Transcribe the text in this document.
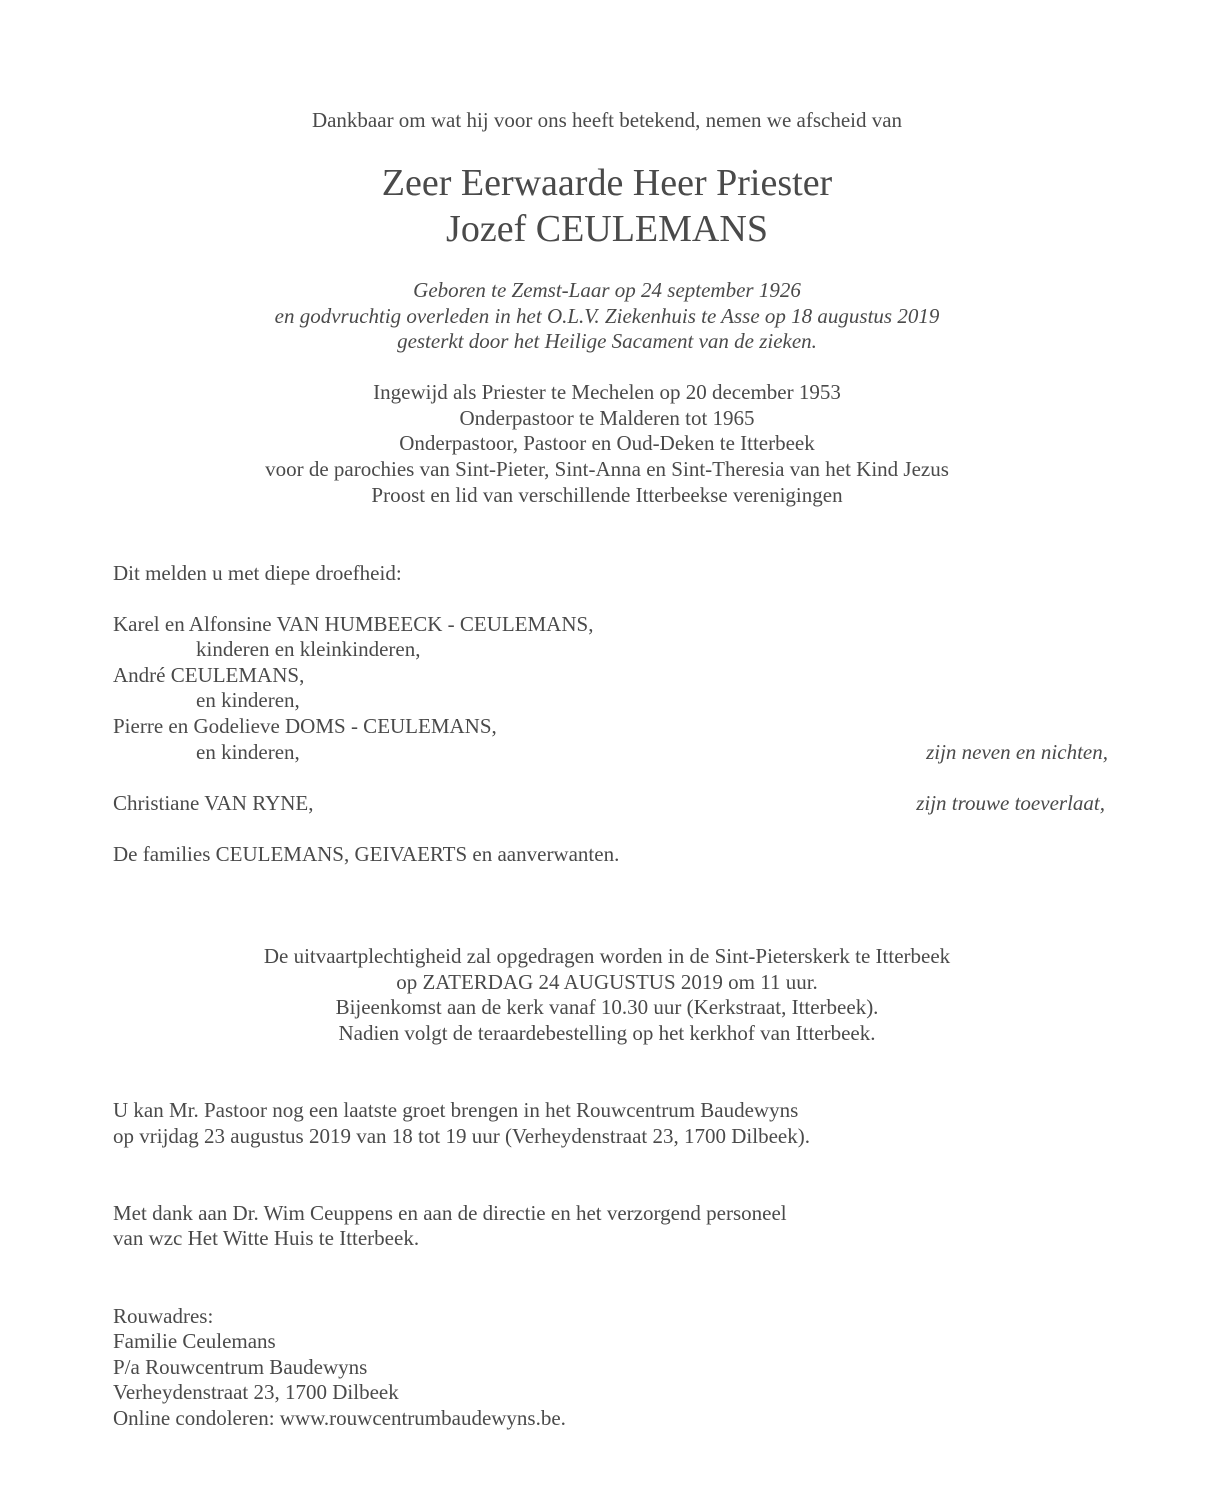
Dankbaar om wat hij voor ons heeft betekend, nemen we afscheid van
Zeer Eerwaarde Heer Priester
Jozef CEULEMANS
Geboren te Zemst-Laar op 24 september 1926
en godvruchtig overleden in het O.L.V. Ziekenhuis te Asse op 18 augustus 2019
gesterkt door het Heilige Sacament van de zieken.
Ingewijd als Priester te Mechelen op 20 december 1953
Onderpastoor te Malderen tot 1965
Onderpastoor, Pastoor en Oud-Deken te Itterbeek
voor de parochies van Sint-Pieter, Sint-Anna en Sint-Theresia van het Kind Jezus
Proost en lid van verschillende Itterbeekse verenigingen
Dit melden u met diepe droefheid:
Karel en Alfonsine VAN HUMBEECK - CEULEMANS,
kinderen en kleinkinderen,
André CEULEMANS,
en kinderen,
Pierre en Godelieve DOMS - CEULEMANS,
en kinderen,	zijn neven en nichten,
Christiane VAN RYNE,	zijn trouwe toeverlaat,
De families CEULEMANS, GEIVAERTS en aanverwanten.
De uitvaartplechtigheid zal opgedragen worden in de Sint-Pieterskerk te Itterbeek
op ZATERDAG 24 AUGUSTUS 2019 om 11 uur.
Bijeenkomst aan de kerk vanaf 10.30 uur (Kerkstraat, Itterbeek).
Nadien volgt de teraardebestelling op het kerkhof van Itterbeek.
U kan Mr. Pastoor nog een laatste groet brengen in het Rouwcentrum Baudewyns
op vrijdag 23 augustus 2019 van 18 tot 19 uur (Verheydenstraat 23, 1700 Dilbeek).
Met dank aan Dr. Wim Ceuppens en aan de directie en het verzorgend personeel
van wzc Het Witte Huis te Itterbeek.
Rouwadres:
Familie Ceulemans
P/a Rouwcentrum Baudewyns
Verheydenstraat 23, 1700 Dilbeek
Online condoleren: www.rouwcentrumbaudewyns.be.
